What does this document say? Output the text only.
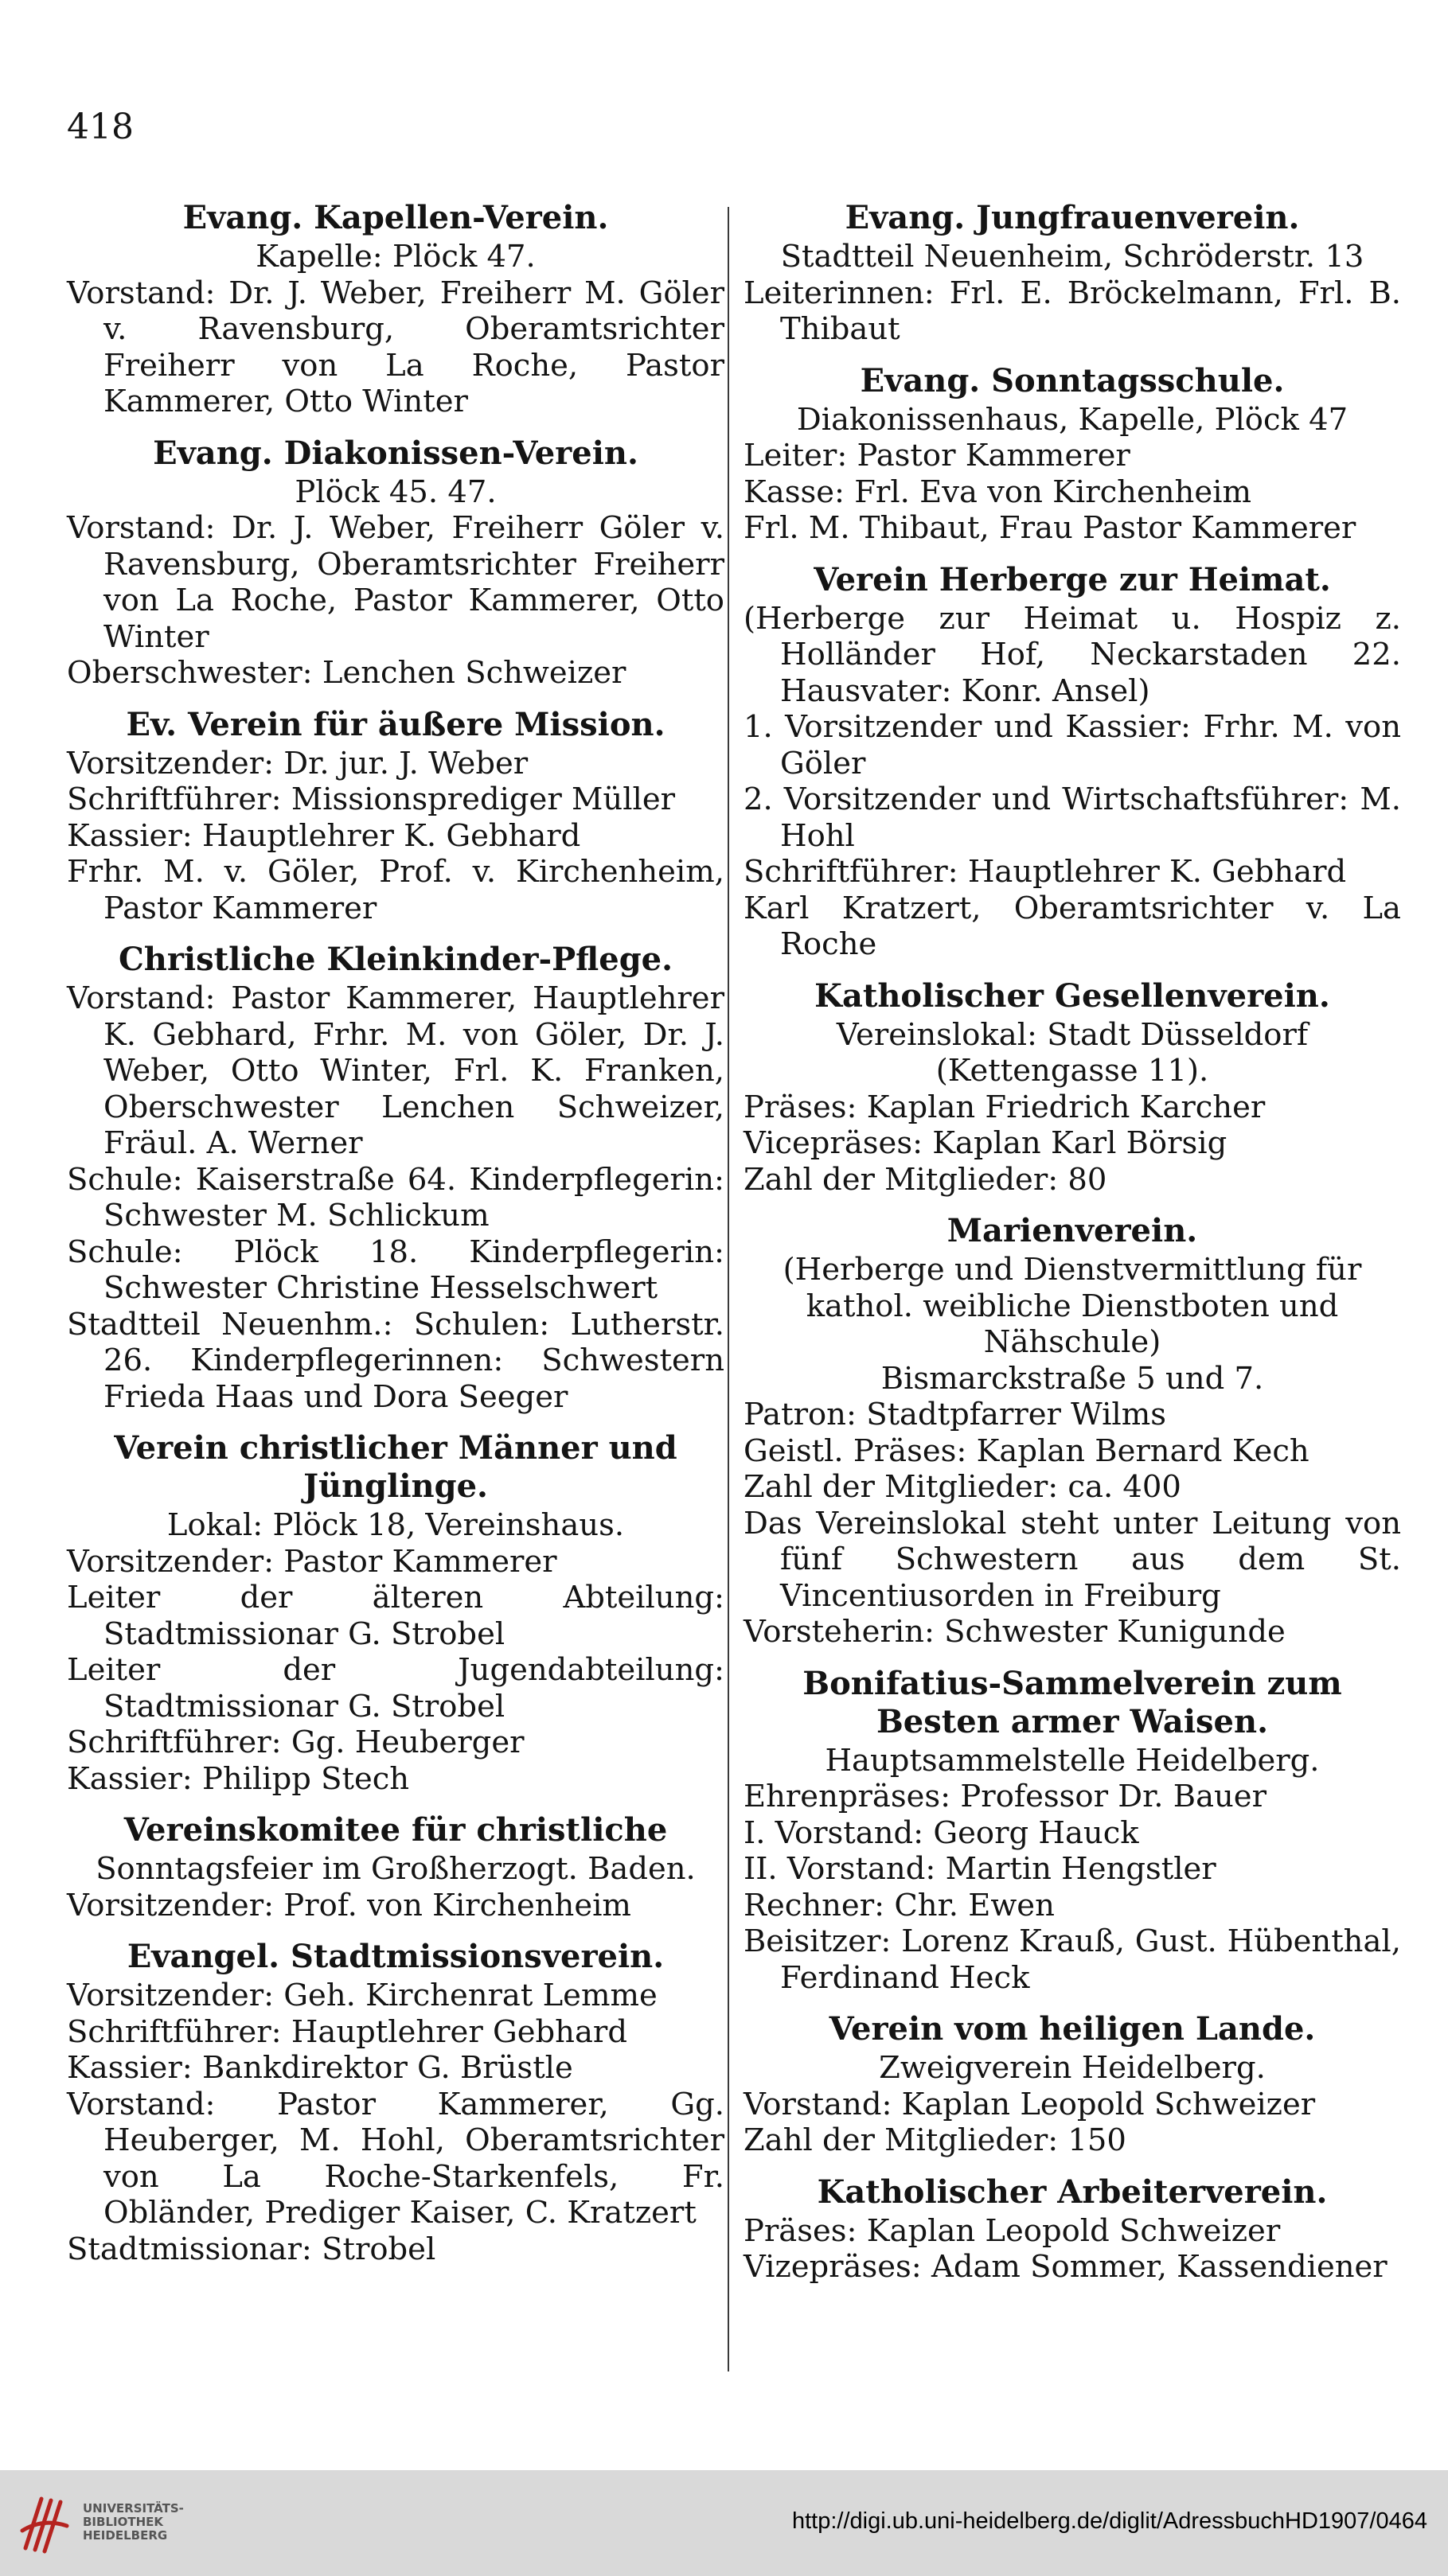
418
Evang. Kapellen-Verein.
Kapelle: Plöck 47.
Vorstand: Dr. J. Weber, Freiherr M. Göler v. Ravensburg, Oberamtsrichter Freiherr von La Roche, Pastor Kammerer, Otto Winter
Evang. Diakonissen-Verein.
Plöck 45. 47.
Vorstand: Dr. J. Weber, Freiherr Göler v. Ravensburg, Oberamtsrichter Freiherr von La Roche, Pastor Kammerer, Otto Winter
Oberschwester: Lenchen Schweizer
Ev. Verein für äußere Mission.
Vorsitzender: Dr. jur. J. Weber
Schriftführer: Missionsprediger Müller
Kassier: Hauptlehrer K. Gebhard
Frhr. M. v. Göler, Prof. v. Kirchenheim, Pastor Kammerer
Christliche Kleinkinder-Pflege.
Vorstand: Pastor Kammerer, Hauptlehrer K. Gebhard, Frhr. M. von Göler, Dr. J. Weber, Otto Winter, Frl. K. Franken, Oberschwester Lenchen Schweizer, Fräul. A. Werner
Schule: Kaiserstraße 64. Kinderpflegerin: Schwester M. Schlickum
Schule: Plöck 18. Kinderpflegerin: Schwester Christine Hesselschwert
Stadtteil Neuenhm.: Schulen: Lutherstr. 26. Kinderpflegerinnen: Schwestern Frieda Haas und Dora Seeger
Verein christlicher Männer und Jünglinge.
Lokal: Plöck 18, Vereinshaus.
Vorsitzender: Pastor Kammerer
Leiter der älteren Abteilung: Stadtmissionar G. Strobel
Leiter der Jugendabteilung: Stadtmissionar G. Strobel
Schriftführer: Gg. Heuberger
Kassier: Philipp Stech
Vereinskomitee für christliche
Sonntagsfeier im Großherzogt. Baden.
Vorsitzender: Prof. von Kirchenheim
Evangel. Stadtmissionsverein.
Vorsitzender: Geh. Kirchenrat Lemme
Schriftführer: Hauptlehrer Gebhard
Kassier: Bankdirektor G. Brüstle
Vorstand: Pastor Kammerer, Gg. Heuberger, M. Hohl, Oberamtsrichter von La Roche-Starkenfels, Fr. Obländer, Prediger Kaiser, C. Kratzert
Stadtmissionar: Strobel
Evang. Jungfrauenverein.
Stadtteil Neuenheim, Schröderstr. 13
Leiterinnen: Frl. E. Bröckelmann, Frl. B. Thibaut
Evang. Sonntagsschule.
Diakonissenhaus, Kapelle, Plöck 47
Leiter: Pastor Kammerer
Kasse: Frl. Eva von Kirchenheim
Frl. M. Thibaut, Frau Pastor Kammerer
Verein Herberge zur Heimat.
(Herberge zur Heimat u. Hospiz z. Holländer Hof, Neckarstaden 22. Hausvater: Konr. Ansel)
1. Vorsitzender und Kassier: Frhr. M. von Göler
2. Vorsitzender und Wirtschaftsführer: M. Hohl
Schriftführer: Hauptlehrer K. Gebhard
Karl Kratzert, Oberamtsrichter v. La Roche
Katholischer Gesellenverein.
Vereinslokal: Stadt Düsseldorf
(Kettengasse 11).
Präses: Kaplan Friedrich Karcher
Vicepräses: Kaplan Karl Börsig
Zahl der Mitglieder: 80
Marienverein.
(Herberge und Dienstvermittlung für kathol. weibliche Dienstboten und Nähschule)
Bismarckstraße 5 und 7.
Patron: Stadtpfarrer Wilms
Geistl. Präses: Kaplan Bernard Kech
Zahl der Mitglieder: ca. 400
Das Vereinslokal steht unter Leitung von fünf Schwestern aus dem St. Vincentiusorden in Freiburg
Vorsteherin: Schwester Kunigunde
Bonifatius-Sammelverein zum Besten armer Waisen.
Hauptsammelstelle Heidelberg.
Ehrenpräses: Professor Dr. Bauer
I. Vorstand: Georg Hauck
II. Vorstand: Martin Hengstler
Rechner: Chr. Ewen
Beisitzer: Lorenz Krauß, Gust. Hübenthal, Ferdinand Heck
Verein vom heiligen Lande.
Zweigverein Heidelberg.
Vorstand: Kaplan Leopold Schweizer
Zahl der Mitglieder: 150
Katholischer Arbeiterverein.
Präses: Kaplan Leopold Schweizer
Vizepräses: Adam Sommer, Kassendiener
UNIVERSITÄTS-
BIBLIOTHEK
HEIDELBERG
http://digi.ub.uni-heidelberg.de/diglit/AdressbuchHD1907/0464
